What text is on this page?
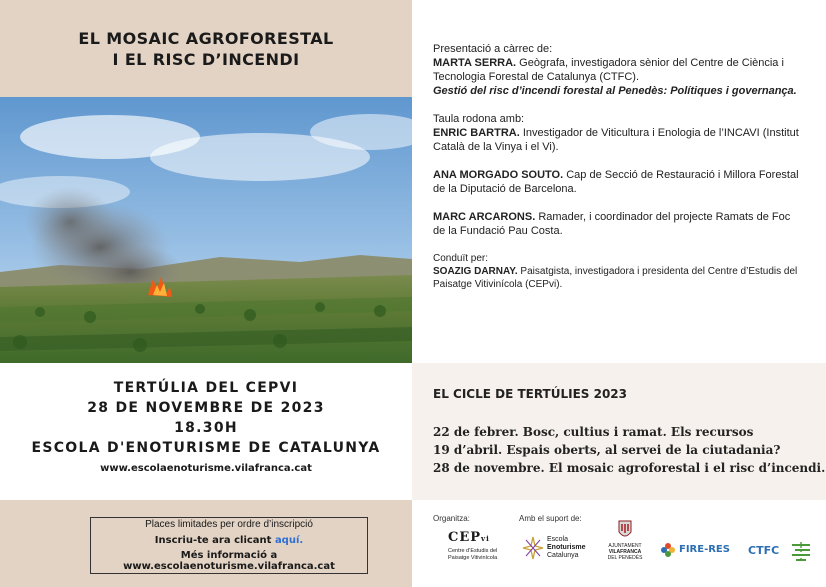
EL MOSAIC AGROFORESTAL
I EL RISC D’INCENDI
TERTÚLIA DEL CEPVI
28 DE NOVEMBRE DE 2023
18.30H
ESCOLA D'ENOTURISME DE CATALUNYA
www.escolaenoturisme.vilafranca.cat
Places limitades per ordre d’inscripció
Inscriu-te ara clicant aquí.
Més informació a www.escolaenoturisme.vilafranca.cat
Presentació a càrrec de:
MARTA SERRA. Geògrafa, investigadora sènior del Centre de Ciència i Tecnologia Forestal de Catalunya (CTFC).
Gestió del risc d’incendi forestal al Penedès: Polítiques i governança.
Taula rodona amb:
ENRIC BARTRA. Investigador de Viticultura i Enologia de l’INCAVI (Institut Català de la Vinya i el Vi).
ANA MORGADO SOUTO. Cap de Secció de Restauració i Millora Forestal de la Diputació de Barcelona.
MARC ARCARONS. Ramader, i coordinador del projecte Ramats de Foc de la Fundació Pau Costa.
Conduït per:
SOAZIG DARNAY. Paisatgista, investigadora i presidenta del Centre d’Estudis del Paisatge Vitivinícola (CEPvi).
EL CICLE DE TERTÚLIES 2023
22 de febrer. Bosc, cultius i ramat. Els recursos
19 d’abril. Espais oberts, al servei de la ciutadania?
28 de novembre. El mosaic agroforestal i el risc d’incendi.
Organitza:	Amb el suport de:
CEPvi
Centre d’Estudis del
Paisatge Vitivinícola
Escola
Enoturisme
Catalunya
AJUNTAMENT
VILAFRANCA
DEL PENEDÈS
FIRE-RES CTFC
